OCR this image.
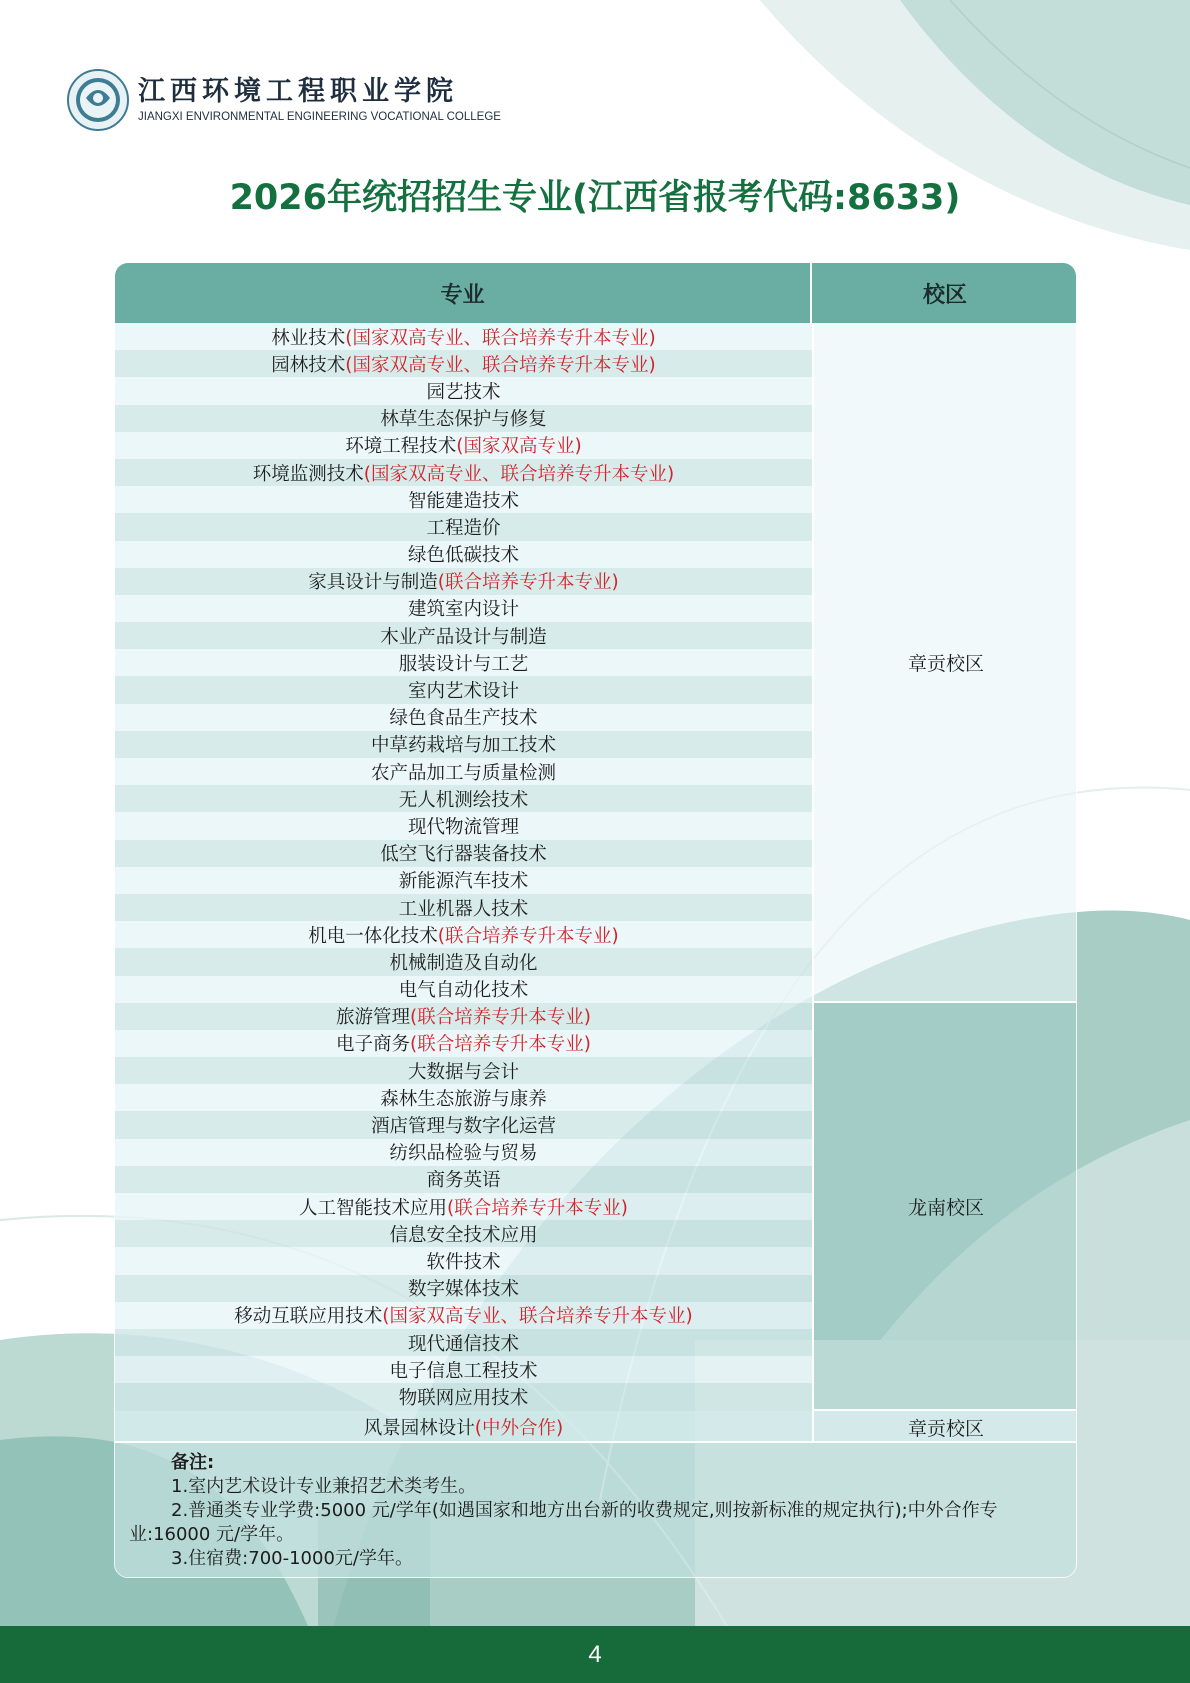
江西环境工程职业学院
JIANGXI ENVIRONMENTAL ENGINEERING VOCATIONAL COLLEGE
2026年统招招生专业(江西省报考代码:8633)
专业	校区
林业技术 (国家双高专业、联合培养专升本专业)
园林技术 (国家双高专业、联合培养专升本专业)
园艺技术
林草生态保护与修复
环境工程技术 (国家双高专业)
环境监测技术 (国家双高专业、联合培养专升本专业)
智能建造技术
工程造价
绿色低碳技术
家具设计与制造 (联合培养专升本专业)
建筑室内设计
木业产品设计与制造
服装设计与工艺
室内艺术设计
绿色食品生产技术
中草药栽培与加工技术
农产品加工与质量检测
无人机测绘技术
现代物流管理
低空飞行器装备技术
新能源汽车技术
工业机器人技术
机电一体化技术 (联合培养专升本专业)
机械制造及自动化
电气自动化技术
旅游管理 (联合培养专升本专业)
电子商务 (联合培养专升本专业)
大数据与会计
森林生态旅游与康养
酒店管理与数字化运营
纺织品检验与贸易
商务英语
人工智能技术应用 (联合培养专升本专业)
信息安全技术应用
软件技术
数字媒体技术
移动互联应用技术 (国家双高专业、联合培养专升本专业)
现代通信技术
电子信息工程技术
物联网应用技术
风景园林设计 (中外合作)
章贡校区
龙南校区
章贡校区
备注:
1.室内艺术设计专业兼招艺术类考生。
2.普通类专业学费:5000 元/学年(如遇国家和地方出台新的收费规定,则按新标准的规定执行);中外合作专业:16000 元/学年。
3.住宿费:700-1000元/学年。
4
